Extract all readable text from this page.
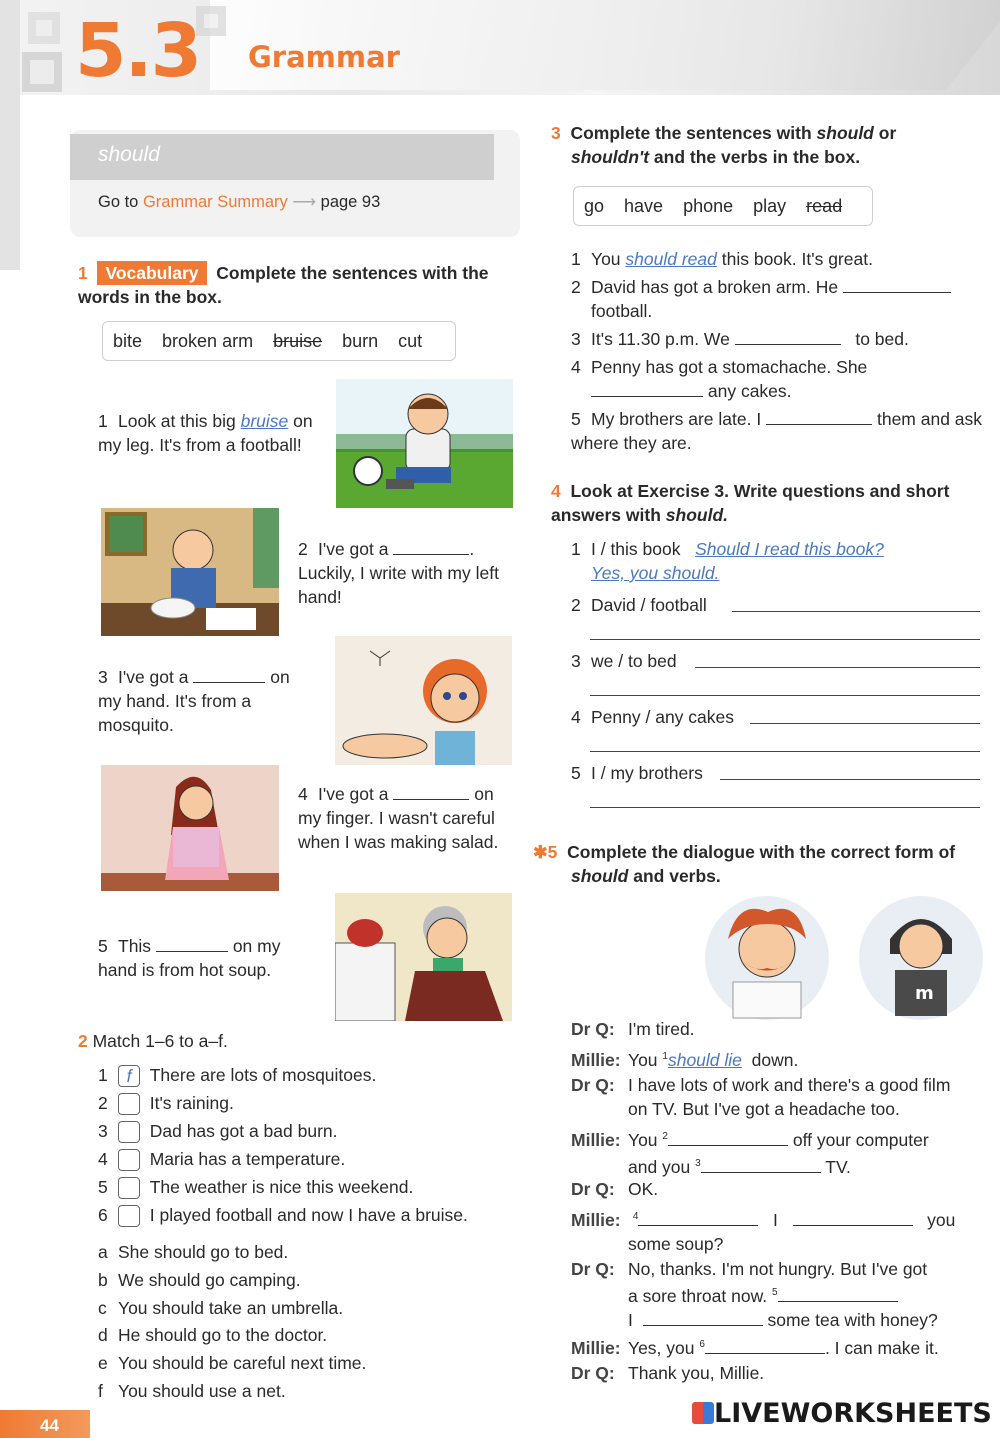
5.3 Grammar
should
Go to Grammar Summary ⟶ page 93
1 Vocabulary Complete the sentences with the words in the box.
bite broken arm bruise burn cut
1 Look at this big bruise on my leg. It's from a football!
2 I've got a	. Luckily, I write with my left hand!
3 I've got a	on my hand. It's from a mosquito.
4 I've got a	on my finger. I wasn't careful when I was making salad.
5 This	on my hand is from hot soup.
2 Match 1–6 to a–f.
1 f There are lots of mosquitoes.
2 It's raining.
3 Dad has got a bad burn.
4 Maria has a temperature.
5 The weather is nice this weekend.
6 I played football and now I have a bruise.
a She should go to bed.
b We should go camping.
c You should take an umbrella.
d He should go to the doctor.
e You should be careful next time.
f You should use a net.
3 Complete the sentences with should or
shouldn't and the verbs in the box.
go have phone play read
1 You should read this book. It's great.
2 David has got a broken arm. He
football.
3 It's 11.30 p.m. We	to bed.
4 Penny has got a stomachache. She
any cakes.
5 My brothers are late. I	them and ask where they are.
4 Look at Exercise 3. Write questions and short answers with should.
1 I / this book Should I read this book?
Yes, you should.
2 David / football
3 we / to bed
4 Penny / any cakes
5 I / my brothers
✱5 Complete the dialogue with the correct form of
should and verbs.
m
Dr Q: I'm tired.
Millie: You $^1$should lie down.
Dr Q: I have lots of work and there's a good film on TV. But I've got a headache too.
Millie: You $^2$	off your computer
and you $^3$	TV.
Dr Q: OK.
Millie: $^4$	I	you
some soup?
Dr Q: No, thanks. I'm not hungry. But I've got
a sore throat now. $^5$
I	some tea with honey?
Millie: Yes, you $^6$	. I can make it.
Dr Q: Thank you, Millie.
44	LIVEWORKSHEETS
